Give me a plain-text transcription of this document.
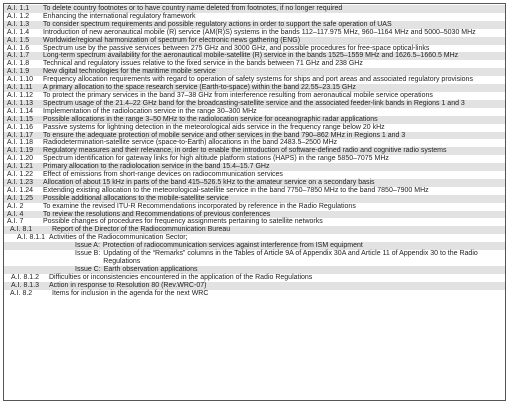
A.I. 1.1	To delete country footnotes or to have country name deleted from footnotes, if no longer required
A.I. 1.2	Enhancing the international regulatory framework
A.I. 1.3	To consider spectrum requirements and possible regulatory actions in order to support the safe operation of UAS
A.I. 1.4	Introduction of new aeronautical mobile (R) service (AM(R)S) systems in the bands 112–117.975 MHz, 960–1164 MHz and 5000–5030 MHz
A.I. 1.5	Worldwide/regional harmonization of spectrum for electronic news gathering (ENG)
A.I. 1.6	Spectrum use by the passive services between 275 GHz and 3000 GHz, and possible procedures for free-space optical-links
A.I. 1.7	Long-term spectrum availability for the aeronautical mobile-satellite (R) service in the bands 1525–1559 MHz and 1626.5–1660.5 MHz
A.I. 1.8	Technical and regulatory issues relative to the fixed service in the bands between 71 GHz and 238 GHz
A.I. 1.9	New digital technologies for the maritime mobile service
A.I. 1.10	Frequency allocation requirements with regard to operation of safety systems for ships and port areas and associated regulatory provisions
A.I. 1.11	A primary allocation to the space research service (Earth-to-space) within the band 22.55–23.15 GHz
A.I. 1.12	To protect the primary services in the band 37–38 GHz from interference resulting from aeronautical mobile service operations
A.I. 1.13	Spectrum usage of the 21.4–22 GHz band for the broadcasting-satellite service and the associated feeder-link bands in Regions 1 and 3
A.I. 1.14	Implementation of the radiolocation service in the range 30–300 MHz
A.I. 1.15	Possible allocations in the range 3–50 MHz to the radiolocation service for oceanographic radar applications
A.I. 1.16	Passive systems for lightning detection in the meteorological aids service in the frequency range below 20 kHz
A.I. 1.17	To ensure the adequate protection of mobile service and other services in the band 790–862 MHz in Regions 1 and 3
A.I. 1.18	Radiodetermination-satellite service (space-to-Earth) allocations in the band 2483.5–2500 MHz
A.I. 1.19	Regulatory measures and their relevance, in order to enable the introduction of software-defined radio and cognitive radio systems
A.I. 1.20	Spectrum identification for gateway links for high altitude platform stations (HAPS) in the range 5850–7075 MHz
A.I. 1.21	Primary allocation to the radiolocation service in the band 15.4–15.7 GHz
A.I. 1.22	Effect of emissions from short-range devices on radiocommunication services
A.I. 1.23	Allocation of about 15 kHz in parts of the band 415–526.5 kHz to the amateur service on a secondary basis
A.I. 1.24	Extending existing allocation to the meteorological-satellite service in the band 7750–7850 MHz to the band 7850–7900 MHz
A.I. 1.25	Possible additional allocations to the mobile-satellite service
A.I. 2	To examine the revised ITU-R Recommendations incorporated by reference in the Radio Regulations
A.I. 4	To review the resolutions and Recommendations of previous conferences
A.I. 7	Possible changes of procedures for frequency assignments pertaining to satellite networks
A.I. 8.1	Report of the Director of the Radiocommunication Bureau
A.I. 8.1.1 Activities of the Radiocommunication Sector;
Issue A: Protection of radiocommunication services against interference from ISM equipment
Issue B: Updating of the “Remarks” columns in the Tables of Article 9A of Appendix 30A and Article 11 of Appendix 30 to the Radio Regulations
Issue C: Earth observation applications
A.I. 8.1.2	Difficulties or inconsistencies encountered in the application of the Radio Regulations
A.I. 8.1.3	Action in response to Resolution 80 (Rev.WRC-07)
A.I. 8.2	Items for inclusion in the agenda for the next WRC
